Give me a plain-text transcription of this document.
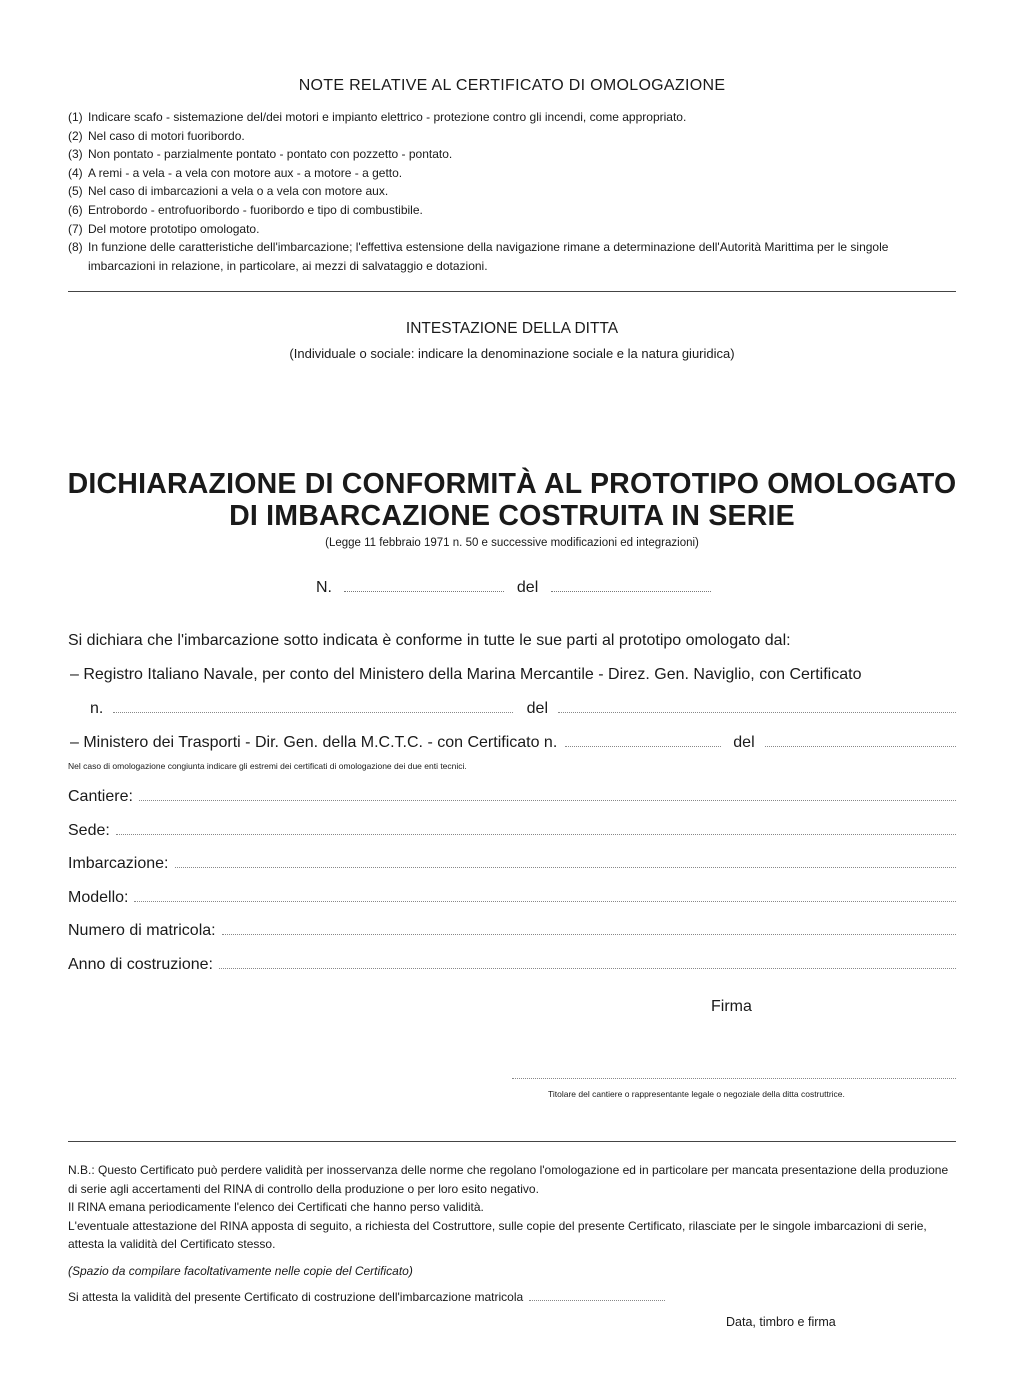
NOTE RELATIVE AL CERTIFICATO DI OMOLOGAZIONE
(1) Indicare scafo - sistemazione del/dei motori e impianto elettrico - protezione contro gli incendi, come appropriato.
(2) Nel caso di motori fuoribordo.
(3) Non pontato - parzialmente pontato - pontato con pozzetto - pontato.
(4) A remi - a vela - a vela con motore aux - a motore - a getto.
(5) Nel caso di imbarcazioni a vela o a vela con motore aux.
(6) Entrobordo - entrofuoribordo - fuoribordo e tipo di combustibile.
(7) Del motore prototipo omologato.
(8) In funzione delle caratteristiche dell'imbarcazione; l'effettiva estensione della navigazione rimane a determinazione dell'Autorità Marittima per le singole imbarcazioni in relazione, in particolare, ai mezzi di salvataggio e dotazioni.
INTESTAZIONE DELLA DITTA
(Individuale o sociale: indicare la denominazione sociale e la natura giuridica)
DICHIARAZIONE DI CONFORMITÀ AL PROTOTIPO OMOLOGATO
DI IMBARCAZIONE COSTRUITA IN SERIE
(Legge 11 febbraio 1971 n. 50 e successive modificazioni ed integrazioni)
N.	del
Si dichiara che l'imbarcazione sotto indicata è conforme in tutte le sue parti al prototipo omologato dal:
– Registro Italiano Navale, per conto del Ministero della Marina Mercantile - Direz. Gen. Naviglio, con Certificato
n.	del
– Ministero dei Trasporti - Dir. Gen. della M.C.T.C. - con Certificato n.	del
Nel caso di omologazione congiunta indicare gli estremi dei certificati di omologazione dei due enti tecnici.
Cantiere:
Sede:
Imbarcazione:
Modello:
Numero di matricola:
Anno di costruzione:
Firma
Titolare del cantiere o rappresentante legale o negoziale della ditta costruttrice.

N.B.: Questo Certificato può perdere validità per inosservanza delle norme che regolano l'omologazione ed in particolare per mancata presentazione della produzione di serie agli accertamenti del RINA di controllo della produzione o per loro esito negativo.

Il RINA emana periodicamente l'elenco dei Certificati che hanno perso validità.

L'eventuale attestazione del RINA apposta di seguito, a richiesta del Costruttore, sulle copie del presente Certificato, rilasciate per le singole imbarcazioni di serie, attesta la validità del Certificato stesso.

(Spazio da compilare facoltativamente nelle copie del Certificato)
Si attesta la validità del presente Certificato di costruzione dell'imbarcazione matricola
Data, timbro e firma
